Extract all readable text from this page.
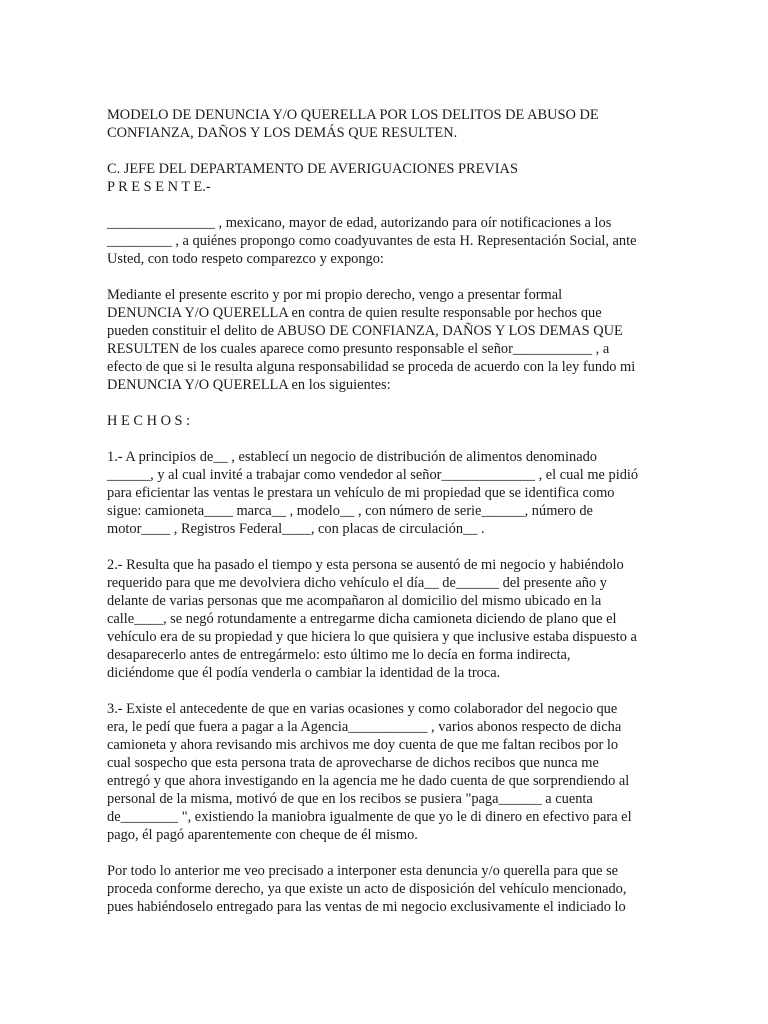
MODELO DE DENUNCIA Y/O QUERELLA POR LOS DELITOS DE ABUSO DE
CONFIANZA, DAÑOS Y LOS DEMÁS QUE RESULTEN.

C. JEFE DEL DEPARTAMENTO DE AVERIGUACIONES PREVIAS
P R E S E N T E.-

_______________ , mexicano, mayor de edad, autorizando para oír notificaciones a los
_________ , a quiénes propongo como coadyuvantes de esta H. Representación Social, ante
Usted, con todo respeto comparezco y expongo:

Mediante el presente escrito y por mi propio derecho, vengo a presentar formal
DENUNCIA Y/O QUERELLA en contra de quien resulte responsable por hechos que
pueden constituir el delito de ABUSO DE CONFIANZA, DAÑOS Y LOS DEMAS QUE
RESULTEN de los cuales aparece como presunto responsable el señor___________ , a
efecto de que si le resulta alguna responsabilidad se proceda de acuerdo con la ley fundo mi
DENUNCIA Y/O QUERELLA en los siguientes:

H E C H O S :

1.- A principios de__ , establecí un negocio de distribución de alimentos denominado
______, y al cual invité a trabajar como vendedor al señor_____________ , el cual me pidió
para eficientar las ventas le prestara un vehículo de mi propiedad que se identifica como
sigue: camioneta____ marca__ , modelo__ , con número de serie______, número de
motor____ , Registros Federal____, con placas de circulación__ .

2.- Resulta que ha pasado el tiempo y esta persona se ausentó de mi negocio y habiéndolo
requerido para que me devolviera dicho vehículo el día__ de______ del presente año y
delante de varias personas que me acompañaron al domicilio del mismo ubicado en la
calle____, se negó rotundamente a entregarme dicha camioneta diciendo de plano que el
vehículo era de su propiedad y que hiciera lo que quisiera y que inclusive estaba dispuesto a
desaparecerlo antes de entregármelo: esto último me lo decía en forma indirecta,
diciéndome que él podía venderla o cambiar la identidad de la troca.

3.- Existe el antecedente de que en varias ocasiones y como colaborador del negocio que
era, le pedí que fuera a pagar a la Agencia___________ , varios abonos respecto de dicha
camioneta y ahora revisando mis archivos me doy cuenta de que me faltan recibos por lo
cual sospecho que esta persona trata de aprovecharse de dichos recibos que nunca me
entregó y que ahora investigando en la agencia me he dado cuenta de que sorprendiendo al
personal de la misma, motivó de que en los recibos se pusiera "paga______ a cuenta
de________ ", existiendo la maniobra igualmente de que yo le di dinero en efectivo para el
pago, él pagó aparentemente con cheque de él mismo.

Por todo lo anterior me veo precisado a interponer esta denuncia y/o querella para que se
proceda conforme derecho, ya que existe un acto de disposición del vehículo mencionado,
pues habiéndoselo entregado para las ventas de mi negocio exclusivamente el indiciado lo
